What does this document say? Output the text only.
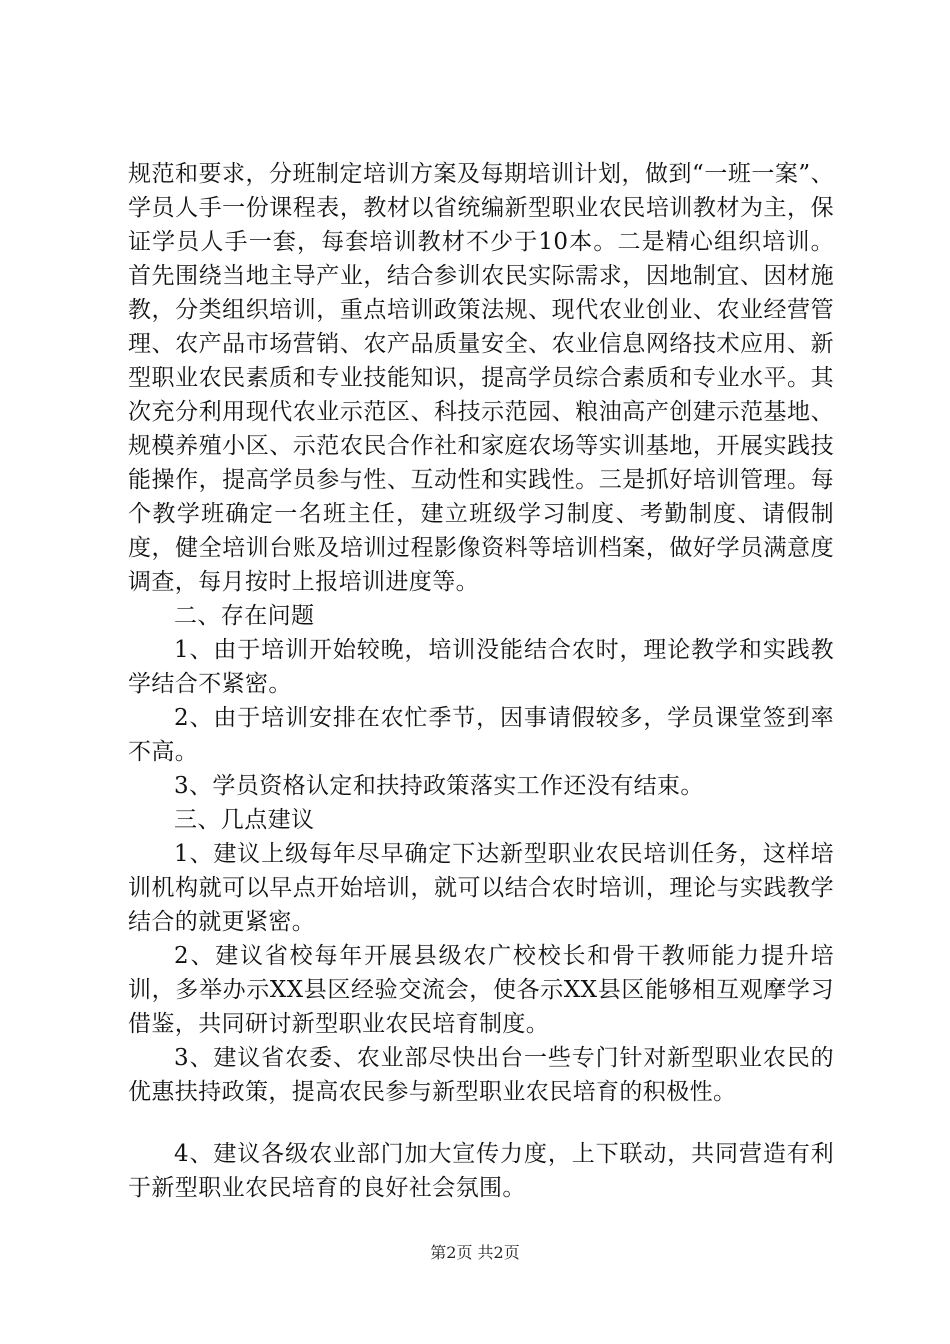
规范和要求，分班制定培训方案及每期培训计划，做到“一班一案”、学员人手一份课程表，教材以省统编新型职业农民培训教材为主，保证学员人手一套，每套培训教材不少于10本。二是精心组织培训。首先围绕当地主导产业，结合参训农民实际需求，因地制宜、因材施教，分类组织培训，重点培训政策法规、现代农业创业、农业经营管理、农产品市场营销、农产品质量安全、农业信息网络技术应用、新型职业农民素质和专业技能知识，提高学员综合素质和专业水平。其次充分利用现代农业示范区、科技示范园、粮油高产创建示范基地、规模养殖小区、示范农民合作社和家庭农场等实训基地，开展实践技能操作，提高学员参与性、互动性和实践性。三是抓好培训管理。每个教学班确定一名班主任，建立班级学习制度、考勤制度、请假制度，健全培训台账及培训过程影像资料等培训档案，做好学员满意度调查，每月按时上报培训进度等。

二、存在问题

1、由于培训开始较晚，培训没能结合农时，理论教学和实践教学结合不紧密。

2、由于培训安排在农忙季节，因事请假较多，学员课堂签到率不高。

3、学员资格认定和扶持政策落实工作还没有结束。

三、几点建议

1、建议上级每年尽早确定下达新型职业农民培训任务，这样培训机构就可以早点开始培训，就可以结合农时培训，理论与实践教学结合的就更紧密。

2、建议省校每年开展县级农广校校长和骨干教师能力提升培训，多举办示XX县区经验交流会，使各示XX县区能够相互观摩学习借鉴，共同研讨新型职业农民培育制度。

3、建议省农委、农业部尽快出台一些专门针对新型职业农民的优惠扶持政策，提高农民参与新型职业农民培育的积极性。

4、建议各级农业部门加大宣传力度，上下联动，共同营造有利于新型职业农民培育的良好社会氛围。

第2页 共2页
